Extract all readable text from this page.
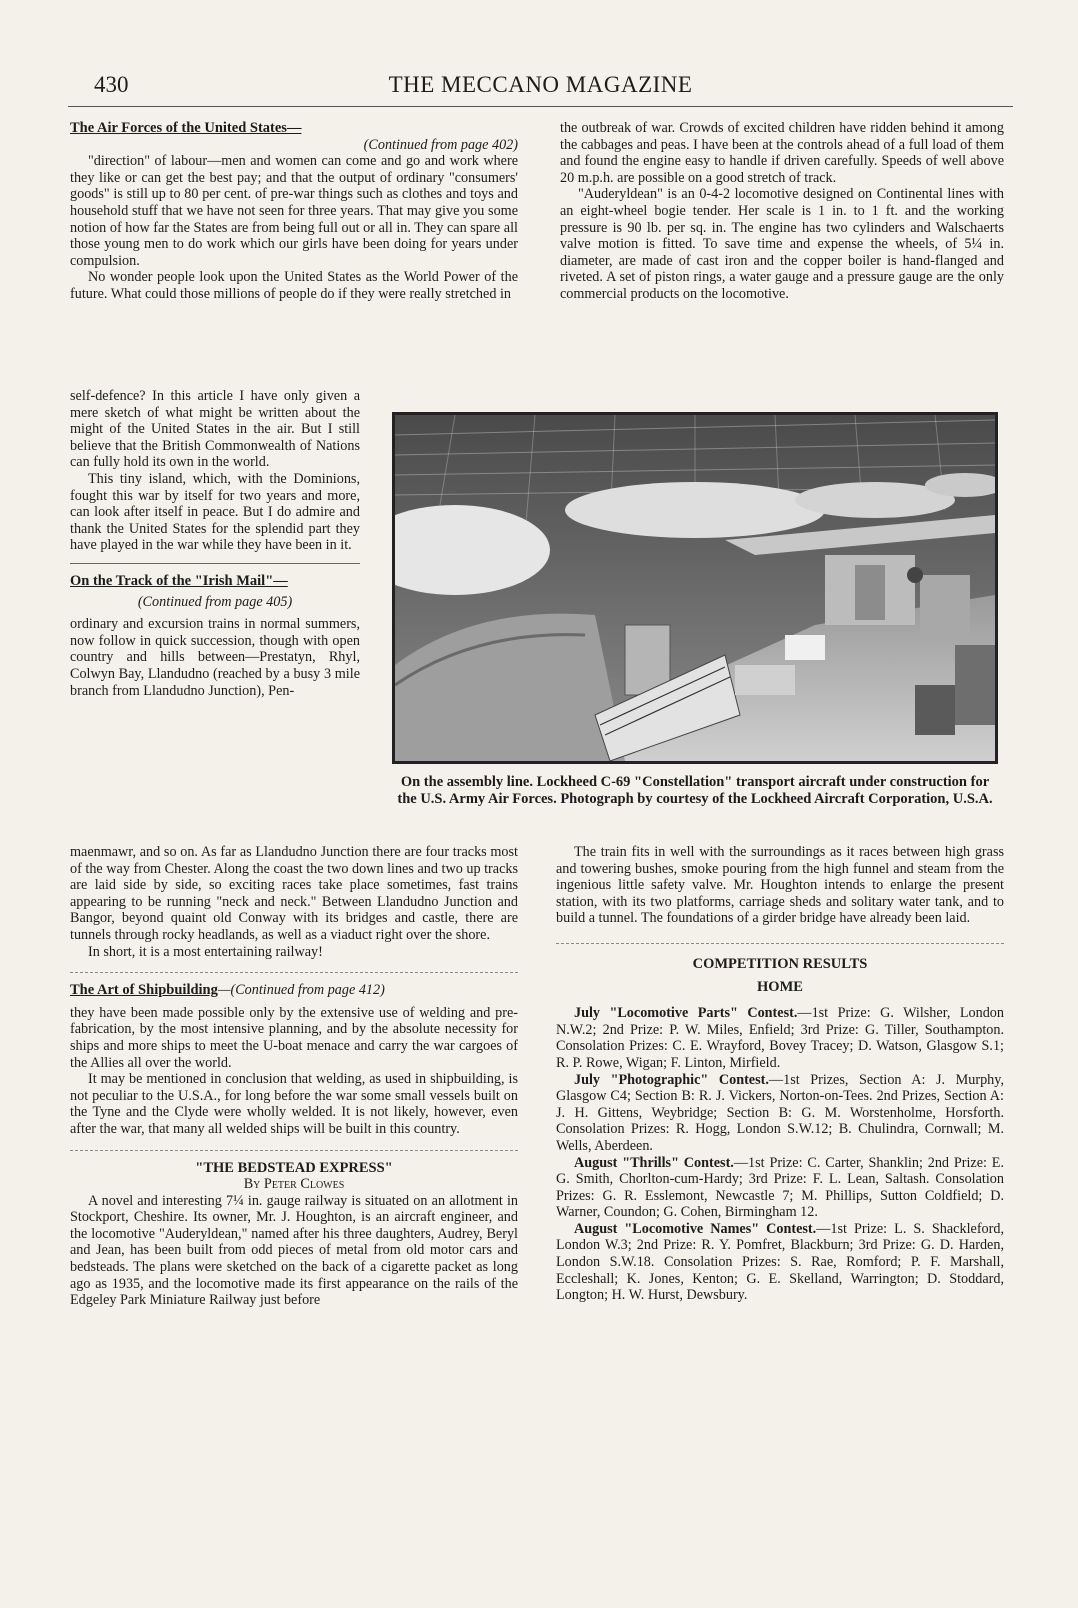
430	THE MECCANO MAGAZINE

The Air Forces of the United States—

(Continued from page 402)

"direction" of labour—men and women can come and go and work where they like or can get the best pay; and that the output of ordinary "consumers' goods" is still up to 80 per cent. of pre-war things such as clothes and toys and household stuff that we have not seen for three years. That may give you some notion of how far the States are from being full out or all in. They can spare all those young men to do work which our girls have been doing for years under compulsion.

No wonder people look upon the United States as the World Power of the future. What could those millions of people do if they were really stretched in

self-defence? In this article I have only given a mere sketch of what might be written about the might of the United States in the air. But I still believe that the British Commonwealth of Nations can fully hold its own in the world.

This tiny island, which, with the Dominions, fought this war by itself for two years and more, can look after itself in peace. But I do admire and thank the United States for the splendid part they have played in the war while they have been in it.

On the Track of the "Irish Mail"—

(Continued from page 405)

ordinary and excursion trains in normal summers, now follow in quick succession, though with open country and hills between—Prestatyn, Rhyl, Colwyn Bay, Llandudno (reached by a busy 3 mile branch from Llandudno Junction), Pen-

maenmawr, and so on. As far as Llandudno Junction there are four tracks most of the way from Chester. Along the coast the two down lines and two up tracks are laid side by side, so exciting races take place sometimes, fast trains appearing to be running "neck and neck." Between Llandudno Junction and Bangor, beyond quaint old Conway with its bridges and castle, there are tunnels through rocky headlands, as well as a viaduct right over the shore.

In short, it is a most entertaining railway!

The Art of Shipbuilding—(Continued from page 412)

they have been made possible only by the extensive use of welding and pre-fabrication, by the most intensive planning, and by the absolute necessity for ships and more ships to meet the U-boat menace and carry the war cargoes of the Allies all over the world.

It may be mentioned in conclusion that welding, as used in shipbuilding, is not peculiar to the U.S.A., for long before the war some small vessels built on the Tyne and the Clyde were wholly welded. It is not likely, however, even after the war, that many all welded ships will be built in this country.

"THE BEDSTEAD EXPRESS"

By Peter Clowes

A novel and interesting 7¼ in. gauge railway is situated on an allotment in Stockport, Cheshire. Its owner, Mr. J. Houghton, is an aircraft engineer, and the locomotive "Auderyldean," named after his three daughters, Audrey, Beryl and Jean, has been built from odd pieces of metal from old motor cars and bedsteads. The plans were sketched on the back of a cigarette packet as long ago as 1935, and the locomotive made its first appearance on the rails of the Edgeley Park Miniature Railway just before

the outbreak of war. Crowds of excited children have ridden behind it among the cabbages and peas. I have been at the controls ahead of a full load of them and found the engine easy to handle if driven carefully. Speeds of well above 20 m.p.h. are possible on a good stretch of track.

"Auderyldean" is an 0-4-2 locomotive designed on Continental lines with an eight-wheel bogie tender. Her scale is 1 in. to 1 ft. and the working pressure is 90 lb. per sq. in. The engine has two cylinders and Walschaerts valve motion is fitted. To save time and expense the wheels, of 5¼ in. diameter, are made of cast iron and the copper boiler is hand-flanged and riveted. A set of piston rings, a water gauge and a pressure gauge are the only commercial products on the locomotive.

On the assembly line. Lockheed C-69 "Constellation" transport aircraft under construction for the U.S. Army Air Forces. Photograph by courtesy of the Lockheed Aircraft Corporation, U.S.A.

The train fits in well with the surroundings as it races between high grass and towering bushes, smoke pouring from the high funnel and steam from the ingenious little safety valve. Mr. Houghton intends to enlarge the present station, with its two platforms, carriage sheds and solitary water tank, and to build a tunnel. The foundations of a girder bridge have already been laid.

COMPETITION RESULTS

HOME

July "Locomotive Parts" Contest.—1st Prize: G. Wilsher, London N.W.2; 2nd Prize: P. W. Miles, Enfield; 3rd Prize: G. Tiller, Southampton. Consolation Prizes: C. E. Wrayford, Bovey Tracey; D. Watson, Glasgow S.1; R. P. Rowe, Wigan; F. Linton, Mirfield.

July "Photographic" Contest.—1st Prizes, Section A: J. Murphy, Glasgow C4; Section B: R. J. Vickers, Norton-on-Tees. 2nd Prizes, Section A: J. H. Gittens, Weybridge; Section B: G. M. Worstenholme, Horsforth. Consolation Prizes: R. Hogg, London S.W.12; B. Chulindra, Cornwall; M. Wells, Aberdeen.

August "Thrills" Contest.—1st Prize: C. Carter, Shanklin; 2nd Prize: E. G. Smith, Chorlton-cum-Hardy; 3rd Prize: F. L. Lean, Saltash. Consolation Prizes: G. R. Esslemont, Newcastle 7; M. Phillips, Sutton Coldfield; D. Warner, Coundon; G. Cohen, Birmingham 12.

August "Locomotive Names" Contest.—1st Prize: L. S. Shackleford, London W.3; 2nd Prize: R. Y. Pomfret, Blackburn; 3rd Prize: G. D. Harden, London S.W.18. Consolation Prizes: S. Rae, Romford; P. F. Marshall, Eccleshall; K. Jones, Kenton; G. E. Skelland, Warrington; D. Stoddard, Longton; H. W. Hurst, Dewsbury.
